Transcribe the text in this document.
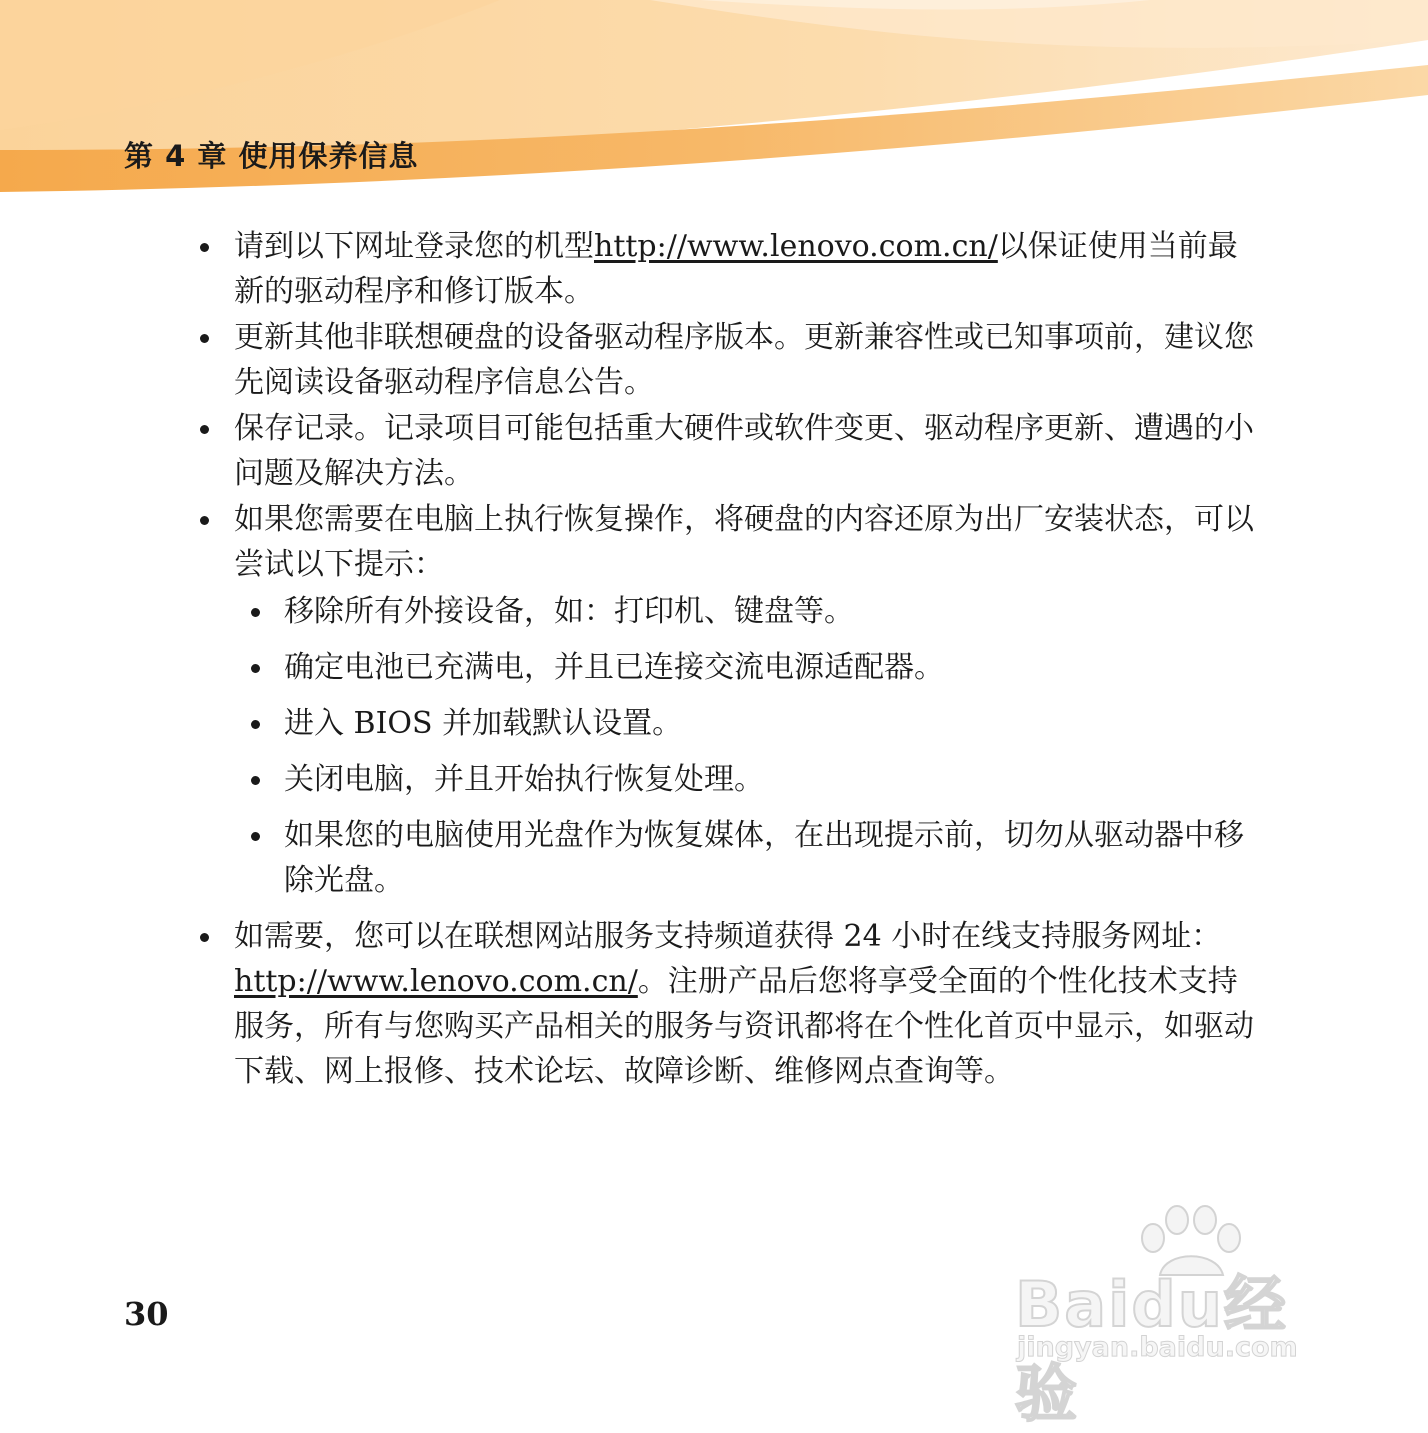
第 4 章 使用保养信息
请到以下网址登录您的机型http://www.lenovo.com.cn/以保证使用当前最新的驱动程序和修订版本。
更新其他非联想硬盘的设备驱动程序版本。更新兼容性或已知事项前，建议您先阅读设备驱动程序信息公告。
保存记录。记录项目可能包括重大硬件或软件变更、驱动程序更新、遭遇的小问题及解决方法。
如果您需要在电脑上执行恢复操作，将硬盘的内容还原为出厂安装状态，可以尝试以下提示：
移除所有外接设备，如：打印机、键盘等。
确定电池已充满电，并且已连接交流电源适配器。
进入 BIOS 并加载默认设置。
关闭电脑，并且开始执行恢复处理。
如果您的电脑使用光盘作为恢复媒体，在出现提示前，切勿从驱动器中移除光盘。
如需要，您可以在联想网站服务支持频道获得 24 小时在线支持服务网址：http://www.lenovo.com.cn/。注册产品后您将享受全面的个性化技术支持服务，所有与您购买产品相关的服务与资讯都将在个性化首页中显示，如驱动下载、网上报修、技术论坛、故障诊断、维修网点查询等。
30	Baidu经验
jingyan.baidu.com
